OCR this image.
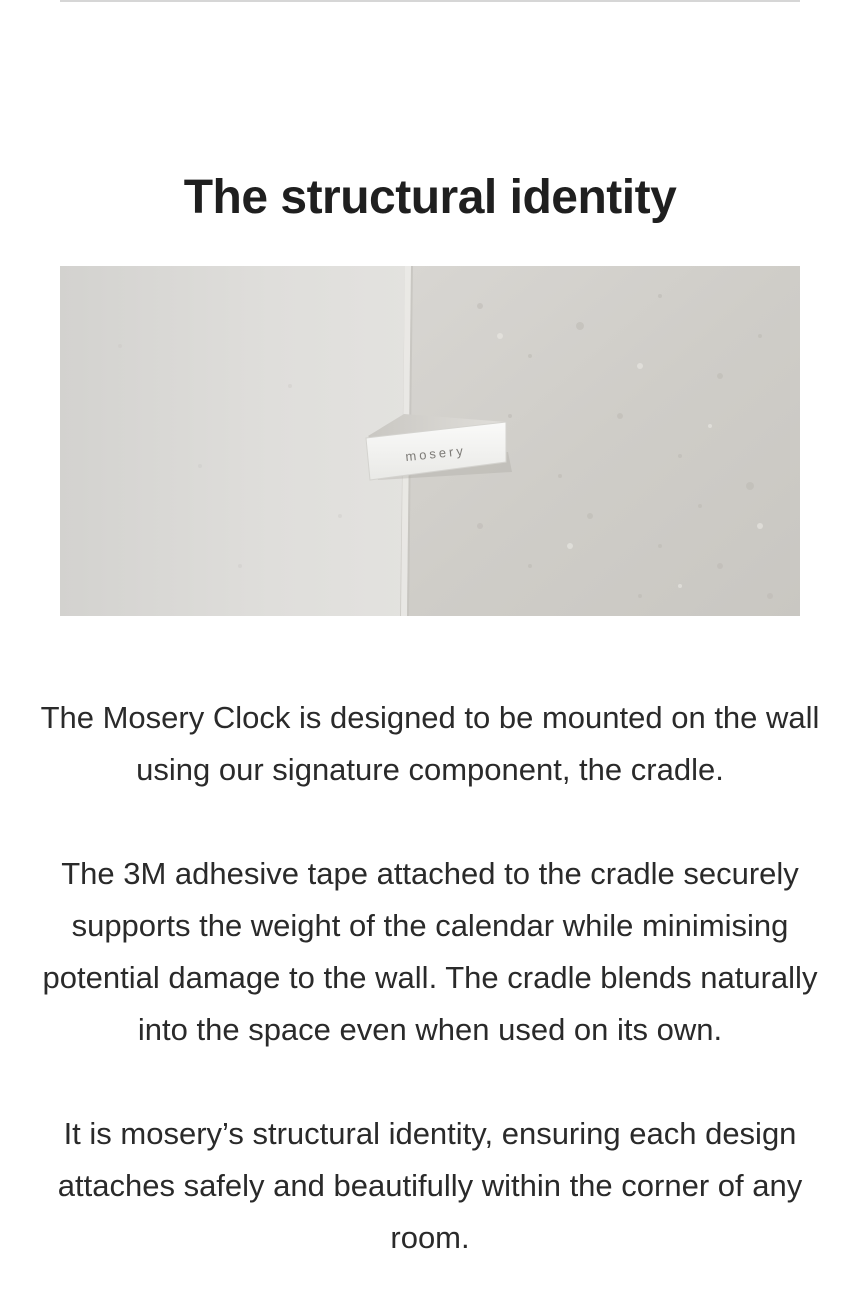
The structural identity
mosery

The Mosery Clock is designed to be mounted on the wall using our signature component, the cradle.

The 3M adhesive tape attached to the cradle securely supports the weight of the calendar while minimising potential damage to the wall. The cradle blends naturally into the space even when used on its own.

It is mosery’s structural identity, ensuring each design attaches safely and beautifully within the corner of any room.
